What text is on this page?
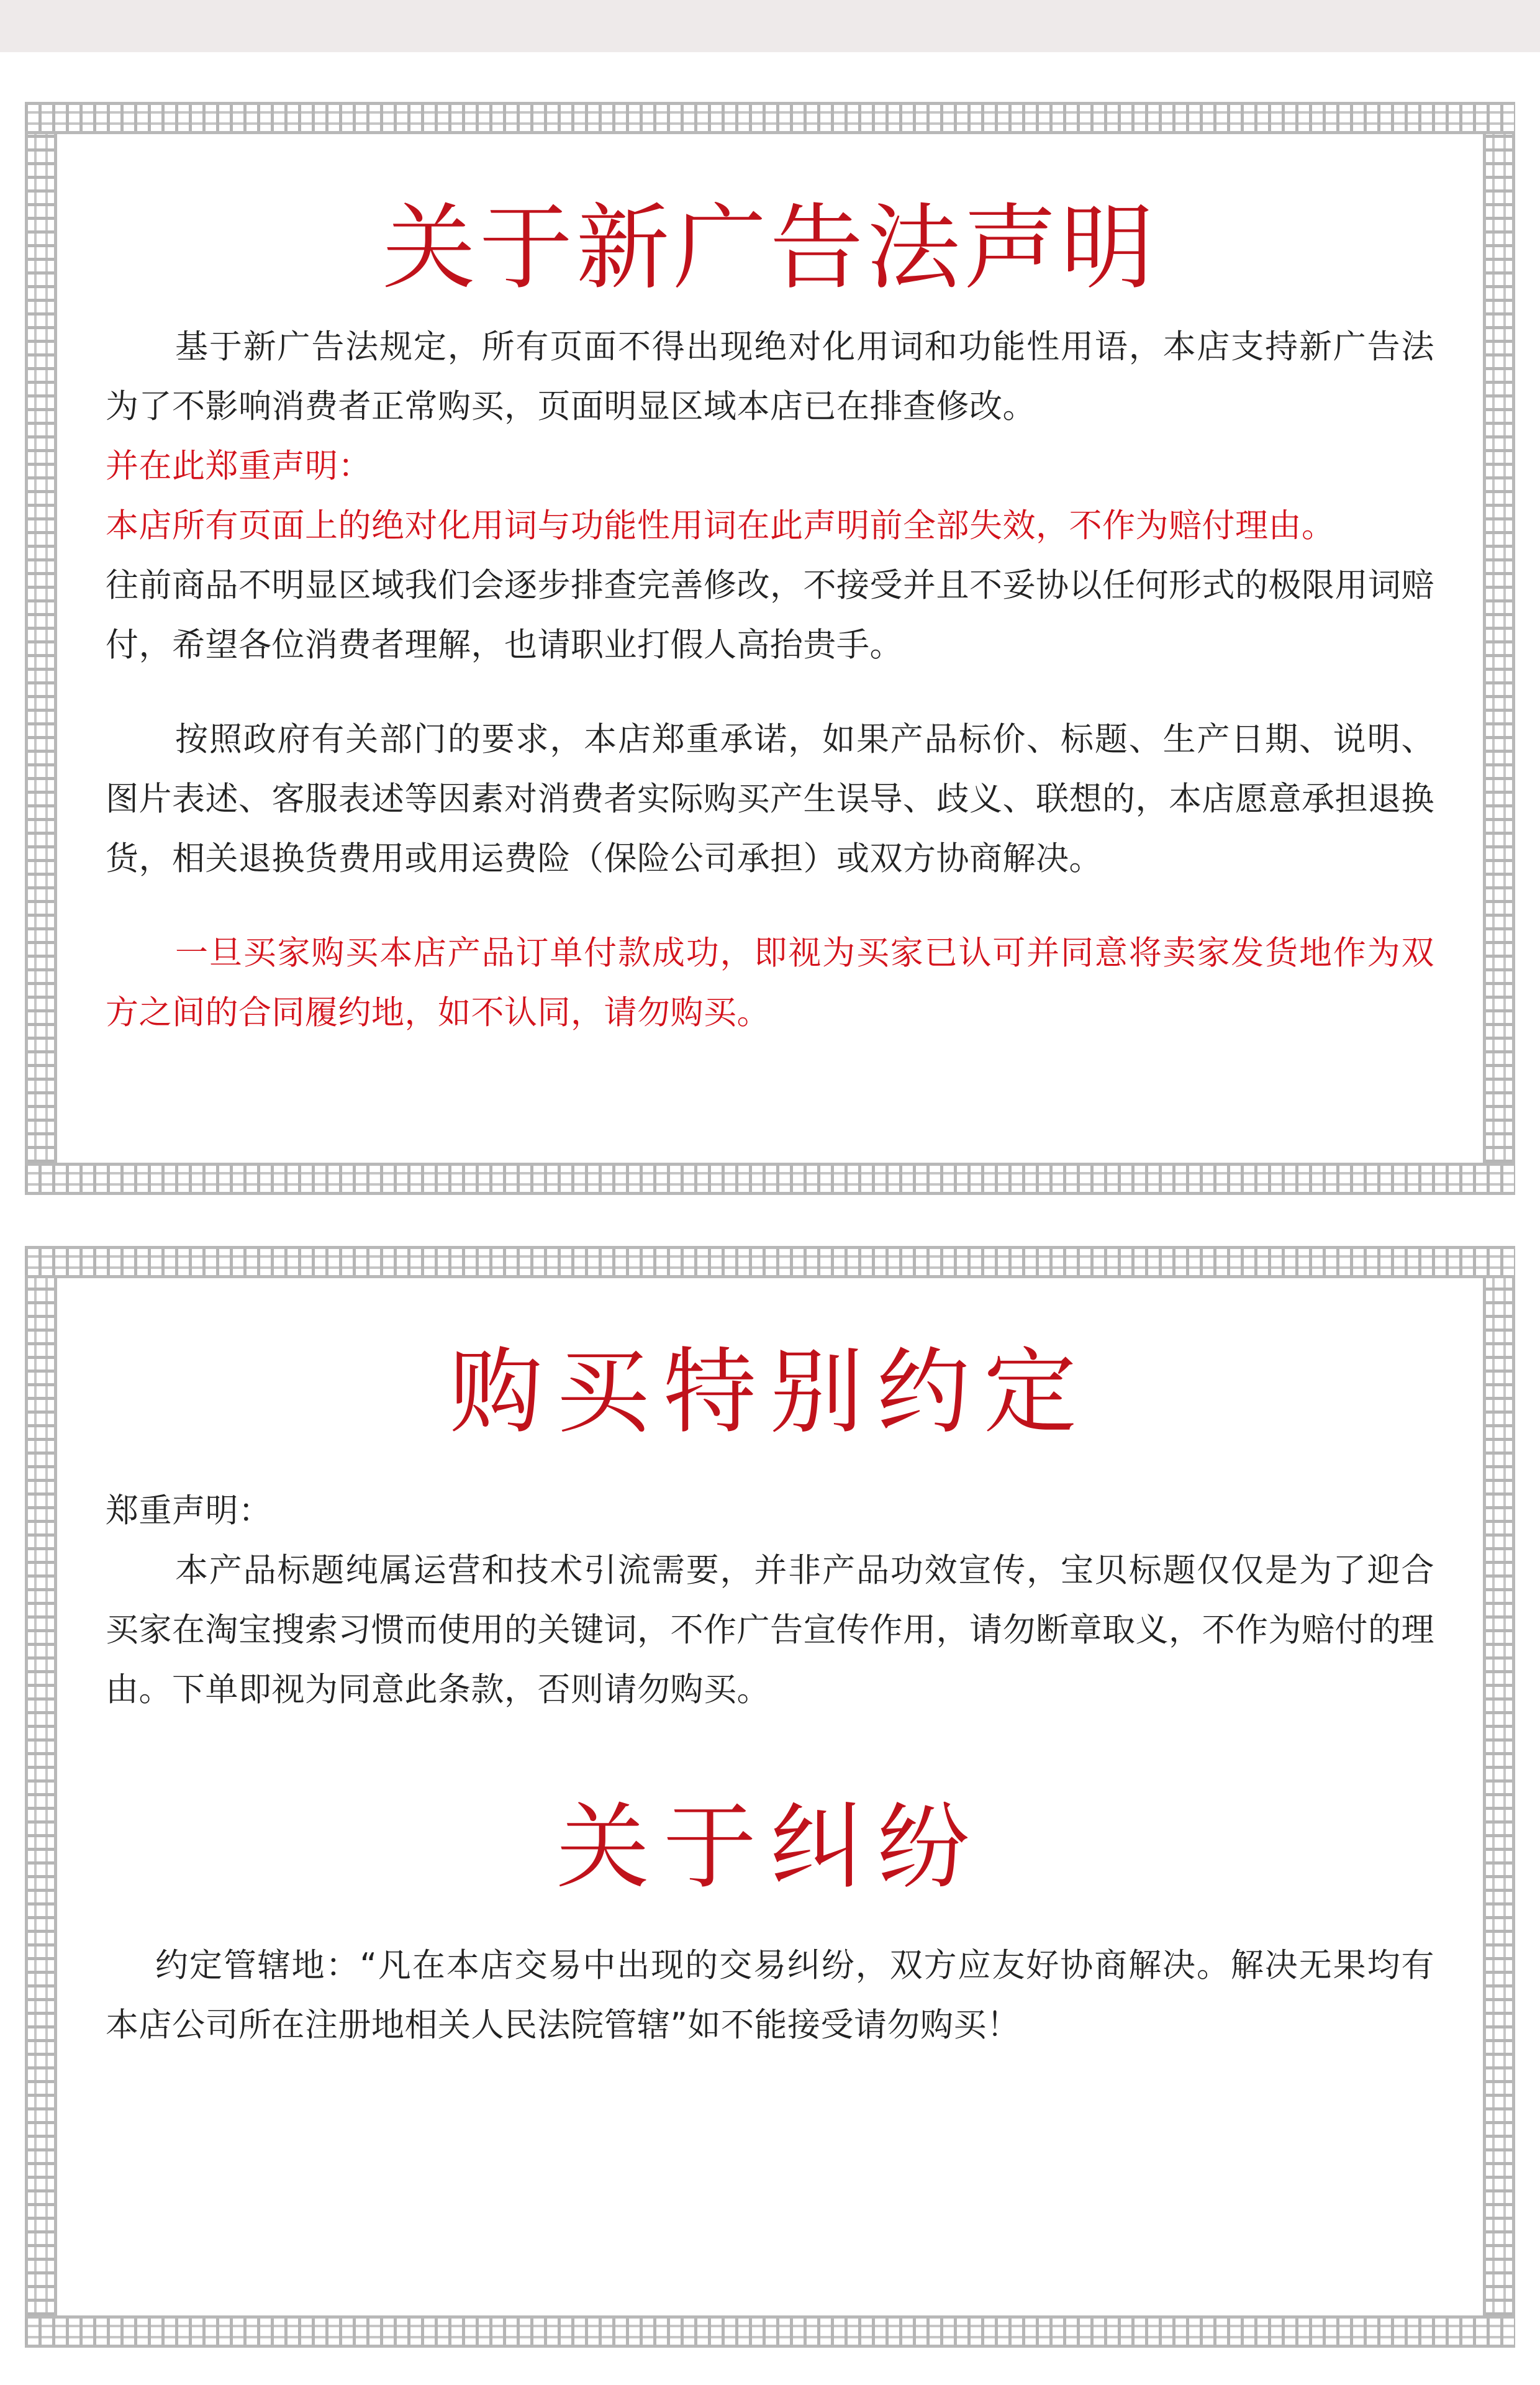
关于新广告法声明

基于新广告法规定，所有页面不得出现绝对化用词和功能性用语，本店支持新广告法为了不影响消费者正常购买，页面明显区域本店已在排查修改。

并在此郑重声明：

本店所有页面上的绝对化用词与功能性用词在此声明前全部失效，不作为赔付理由。

往前商品不明显区域我们会逐步排查完善修改，不接受并且不妥协以任何形式的极限用词赔付，希望各位消费者理解，也请职业打假人高抬贵手。

按照政府有关部门的要求，本店郑重承诺，如果产品标价、标题、生产日期、说明、图片表述、客服表述等因素对消费者实际购买产生误导、歧义、联想的，本店愿意承担退换货，相关退换货费用或用运费险（保险公司承担）或双方协商解决。

一旦买家购买本店产品订单付款成功，即视为买家已认可并同意将卖家发货地作为双方之间的合同履约地，如不认同，请勿购买。

购买特别约定

郑重声明：

本产品标题纯属运营和技术引流需要，并非产品功效宣传，宝贝标题仅仅是为了迎合买家在淘宝搜索习惯而使用的关键词，不作广告宣传作用，请勿断章取义，不作为赔付的理由。下单即视为同意此条款，否则请勿购买。

关于纠纷

约定管辖地：“凡在本店交易中出现的交易纠纷，双方应友好协商解决。解决无果均有本店公司所在注册地相关人民法院管辖”如不能接受请勿购买！
